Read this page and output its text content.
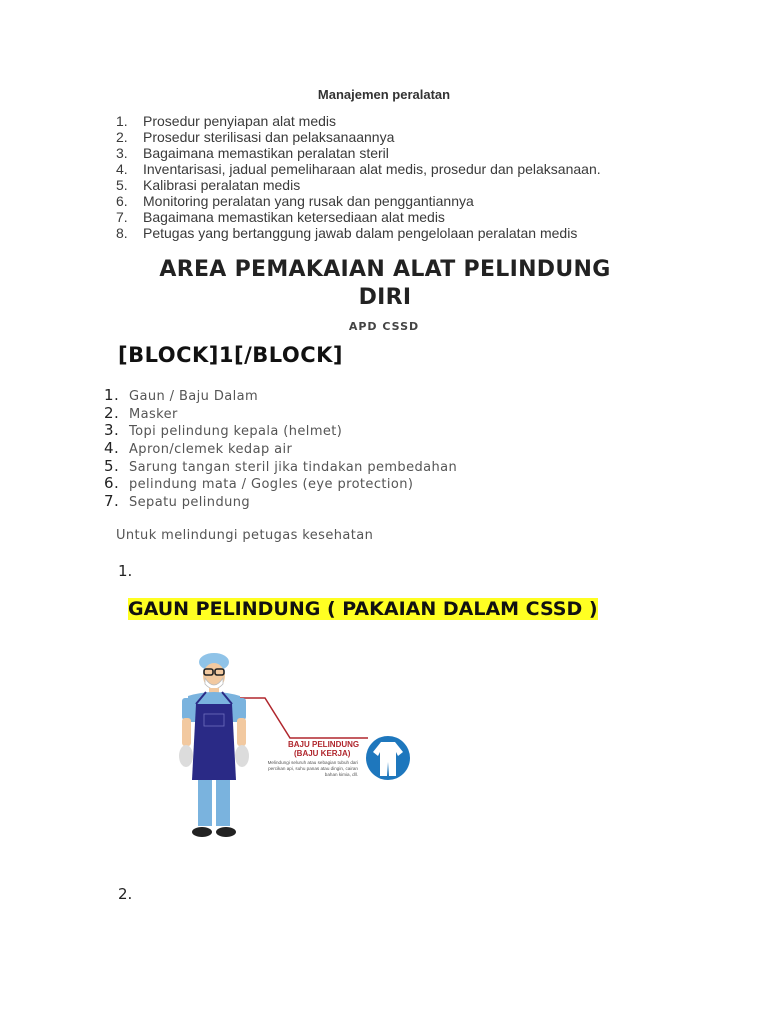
Manajemen peralatan
1. Prosedur penyiapan alat medis
2. Prosedur sterilisasi dan pelaksanaannya
3. Bagaimana memastikan peralatan steril
4. Inventarisasi, jadual pemeliharaan alat medis, prosedur dan pelaksanaan.
5. Kalibrasi peralatan medis
6. Monitoring peralatan yang rusak dan penggantiannya
7. Bagaimana memastikan ketersediaan alat medis
8. Petugas yang bertanggung jawab dalam pengelolaan peralatan medis
AREA PEMAKAIAN ALAT PELINDUNG DIRI
APD CSSD
[BLOCK]1[/BLOCK]
1. Gaun / Baju Dalam
2. Masker
3. Topi pelindung kepala (helmet)
4. Apron/clemek kedap air
5. Sarung tangan steril jika tindakan pembedahan
6. pelindung mata / Gogles (eye protection)
7. Sepatu pelindung
Untuk melindungi petugas kesehatan
1.
GAUN PELINDUNG ( PAKAIAN DALAM CSSD )
BAJU PELINDUNG
(BAJU KERJA)
Melindungi seluruh atau sebagian tubuh dari percikan api, suhu panas atau dingin, cairan bahan kimia, dll.
2.
